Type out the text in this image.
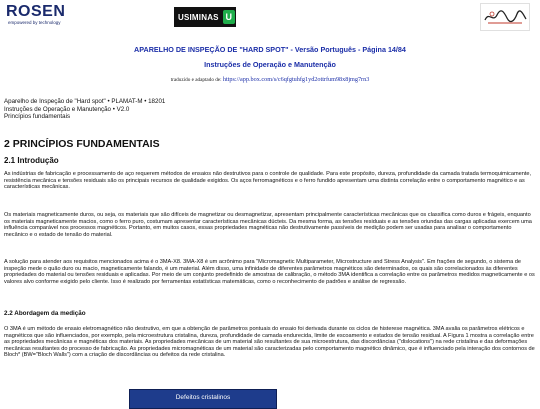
ROSEN
empowered by technology
USIMINAS U
APARELHO DE INSPEÇÃO DE "HARD SPOT" - Versão Português - Página 14/84
Instruções de Operação e Manutenção
traduzido e adaptado de: https://app.box.com/s/c6qfgtuhfg1yd2ottrfum98x8jmg7rn3
Aparelho de Inspeção de "Hard spot" • PLAMAT-M • 18201
Instruções de Operação e Manutenção • V2.0
Princípios fundamentais
2 PRINCÍPIOS FUNDAMENTAIS
2.1 Introdução

As indústrias de fabricação e processamento de aço requerem métodos de ensaios não destrutivos para o controle de qualidade. Para este propósito, dureza, profundidade da camada tratada termoquimicamente, resistência mecânica e tensões residuais são os principais recursos de qualidade exigidos. Os aços ferromagnéticos e o ferro fundido apresentam uma distinta correlação entre o comportamento magnético e as características mecânicas.

Os materiais magneticamente duros, ou seja, os materiais que são difíceis de magnetizar ou desmagnetizar, apresentam principalmente características mecânicas que os classifica como duros e frágeis, enquanto os materiais magneticamente macios, como o ferro puro, costumam apresentar características mecânicas dúcteis. Da mesma forma, as tensões residuais e as tensões oriundas das cargas aplicadas exercem uma influência comparável nos processos magnéticos. Portanto, em muitos casos, essas propriedades magnéticas não destrutivamente passíveis de medição podem ser usadas para analisar o comportamento mecânico e o estado de tensão do material.

A solução para atender aos requisitos mencionados acima é o 3MA-X8. 3MA-X8 é um acrônimo para "Micromagnetic Multiparameter, Microstructure and Stress Analysis". Em frações de segundo, o sistema de inspeção mede o quão duro ou macio, magneticamente falando, é um material. Além disso, uma infinidade de diferentes parâmetros magnéticos são determinados, os quais são correlacionados às diferentes propriedades do material ou tensões residuais e aplicadas. Por meio de um conjunto predefinido de amostras de calibração, o método 3MA identifica a correlação entre os parâmetros medidos magneticamente e os valores alvo conforme exigido pelo cliente. Isso é realizado por ferramentas estatísticas matemáticas, como o reconhecimento de padrões e análise de regressão.

2.2 Abordagem da medição

O 3MA é um método de ensaio eletromagnético não destrutivo, em que a obtenção de parâmetros pontuais do ensaio foi derivada durante os ciclos de histerese magnética. 3MA avalia os parâmetros elétricos e magnéticos que são influenciados, por exemplo, pela microestrutura cristalina, dureza, profundidade de camada endurecida, limite de escoamento e estados de tensão residual. A Figura 1 mostra a correlação entre as propriedades mecânicas e magnéticas dos materiais. As propriedades mecânicas de um material são resultantes de sua microestrutura, das discordâncias ("dislocations") na rede cristalina e das deformações mecânicas resultantes do processo de fabricação. As propriedades micromagnéticas de um material são caracterizadas pelo comportamento magnético dinâmico, que é influenciado pela interação dos contornos de Bloch* (BW="Bloch Walls") com a criação de discordâncias ou defeitos da rede cristalina.

Defeitos cristalinos
